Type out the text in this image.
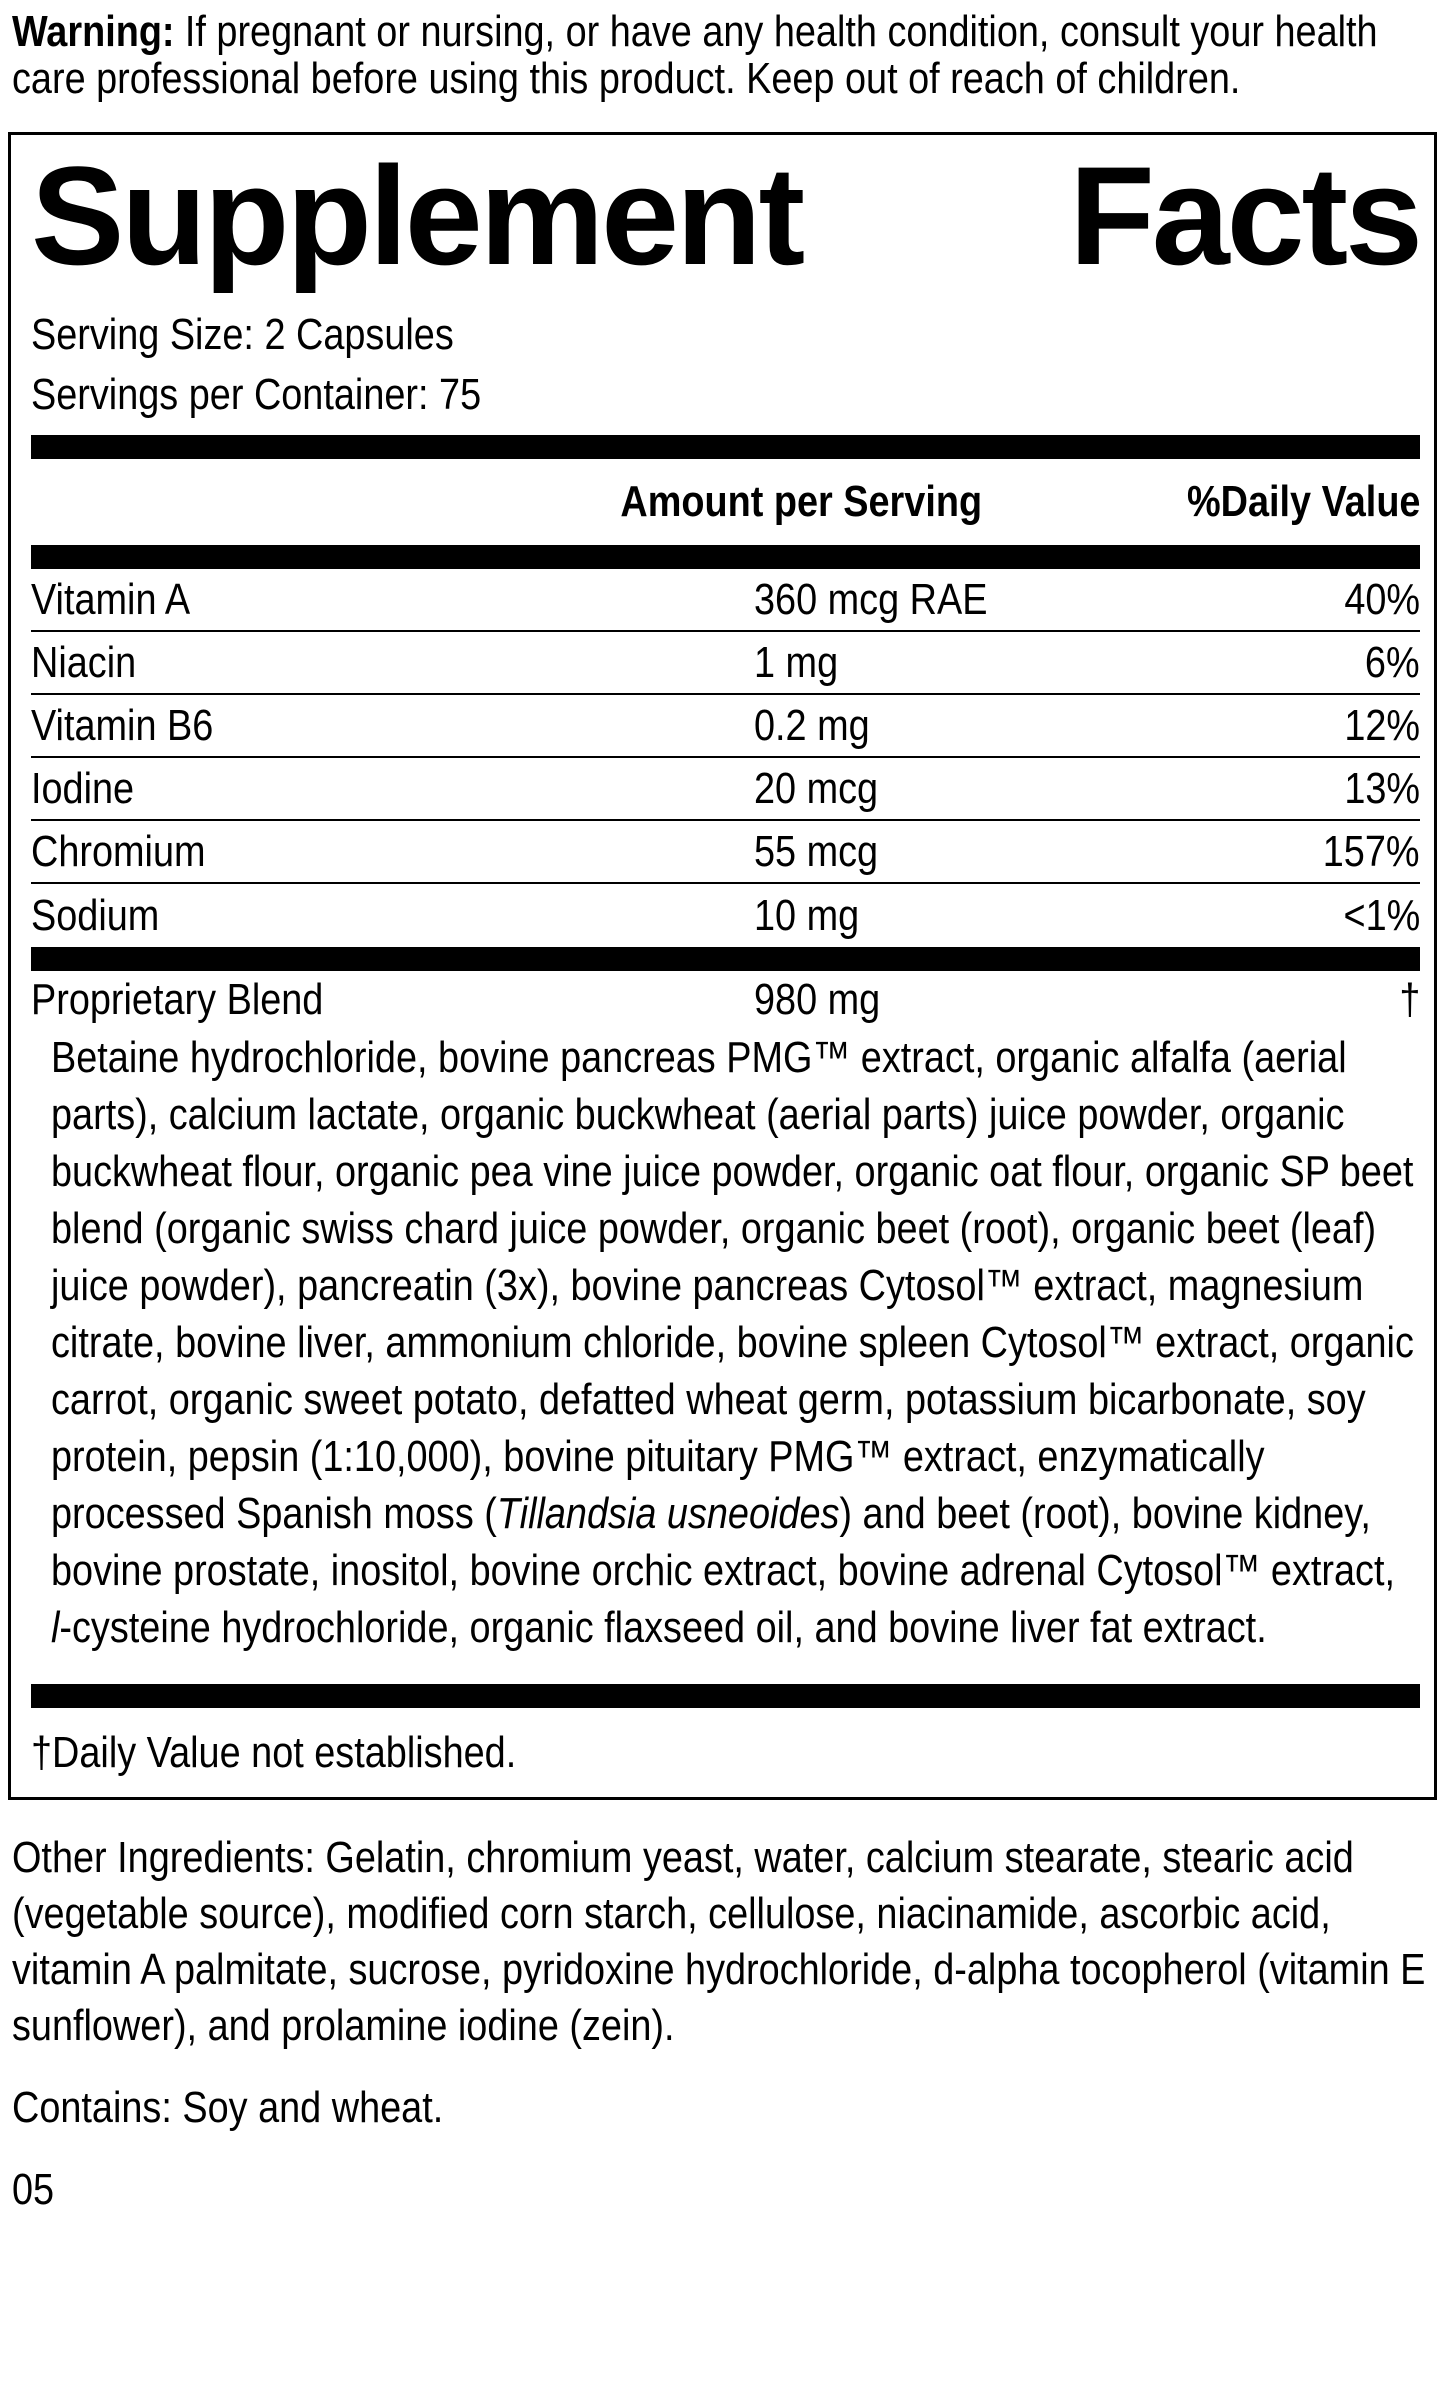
Warning: If pregnant or nursing, or have any health condition, consult your health care professional before using this product. Keep out of reach of children.

Supplement Facts
Serving Size: 2 Capsules
Servings per Container: 75
Amount per Serving	%Daily Value
Vitamin A	360 mcg RAE	40%
Niacin	1 mg	6%
Vitamin B6	0.2 mg	12%
Iodine	20 mcg	13%
Chromium	55 mcg	157%
Sodium	10 mg	<1%
Proprietary Blend	980 mg	†
Betaine hydrochloride, bovine pancreas PMG™ extract, organic alfalfa (aerial parts), calcium lactate, organic buckwheat (aerial parts) juice powder, organic buckwheat flour, organic pea vine juice powder, organic oat flour, organic SP beet blend (organic swiss chard juice powder, organic beet (root), organic beet (leaf) juice powder), pancreatin (3x), bovine pancreas Cytosol™ extract, magnesium citrate, bovine liver, ammonium chloride, bovine spleen Cytosol™ extract, organic carrot, organic sweet potato, defatted wheat germ, potassium bicarbonate, soy protein, pepsin (1:10,000), bovine pituitary PMG™ extract, enzymatically processed Spanish moss (Tillandsia usneoides) and beet (root), bovine kidney, bovine prostate, inositol, bovine orchic extract, bovine adrenal Cytosol™ extract, l-cysteine hydrochloride, organic flaxseed oil, and bovine liver fat extract.
†Daily Value not established.

Other Ingredients: Gelatin, chromium yeast, water, calcium stearate, stearic acid (vegetable source), modified corn starch, cellulose, niacinamide, ascorbic acid, vitamin A palmitate, sucrose, pyridoxine hydrochloride, d-alpha tocopherol (vitamin E sunflower), and prolamine iodine (zein).

Contains: Soy and wheat.

05
